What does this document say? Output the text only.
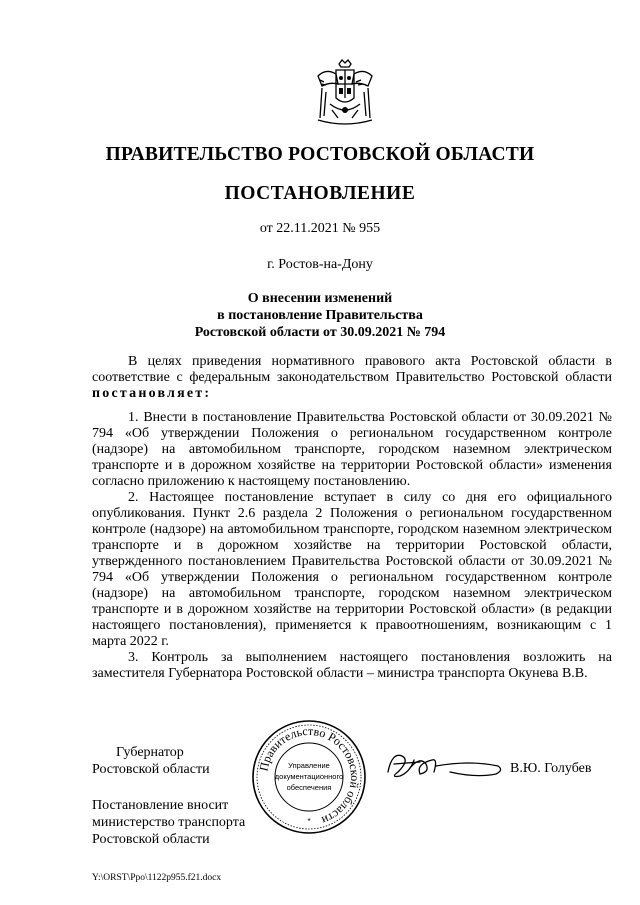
ПРАВИТЕЛЬСТВО РОСТОВСКОЙ ОБЛАСТИ
ПОСТАНОВЛЕНИЕ
от 22.11.2021 № 955
г. Ростов-на-Дону
О внесении изменений
в постановление Правительства
Ростовской области от 30.09.2021 № 794

В целях приведения нормативного правового акта Ростовской области в соответствие с федеральным законодательством Правительство Ростовской области постановляет:

1. Внести в постановление Правительства Ростовской области от 30.09.2021 № 794 «Об утверждении Положения о региональном государственном контроле (надзоре) на автомобильном транспорте, городском наземном электрическом транспорте и в дорожном хозяйстве на территории Ростовской области» изменения согласно приложению к настоящему постановлению.

2. Настоящее постановление вступает в силу со дня его официального опубликования. Пункт 2.6 раздела 2 Положения о региональном государственном контроле (надзоре) на автомобильном транспорте, городском наземном электрическом транспорте и в дорожном хозяйстве на территории Ростовской области, утвержденного постановлением Правительства Ростовской области от 30.09.2021 № 794 «Об утверждении Положения о региональном государственном контроле (надзоре) на автомобильном транспорте, городском наземном электрическом транспорте и в дорожном хозяйстве на территории Ростовской области» (в редакции настоящего постановления), применяется к правоотношениям, возникающим с 1 марта 2022 г.

3. Контроль за выполнением настоящего постановления возложить на заместителя Губернатора Ростовской области – министра транспорта Окунева В.В.

Губернатор
Ростовской области	Правительство Ростовской области
Управление
документационного
обеспечения
*
В.Ю. Голубев
Постановление вносит
министерство транспорта
Ростовской области
Y:\ORST\Ppo\1122p955.f21.docx
